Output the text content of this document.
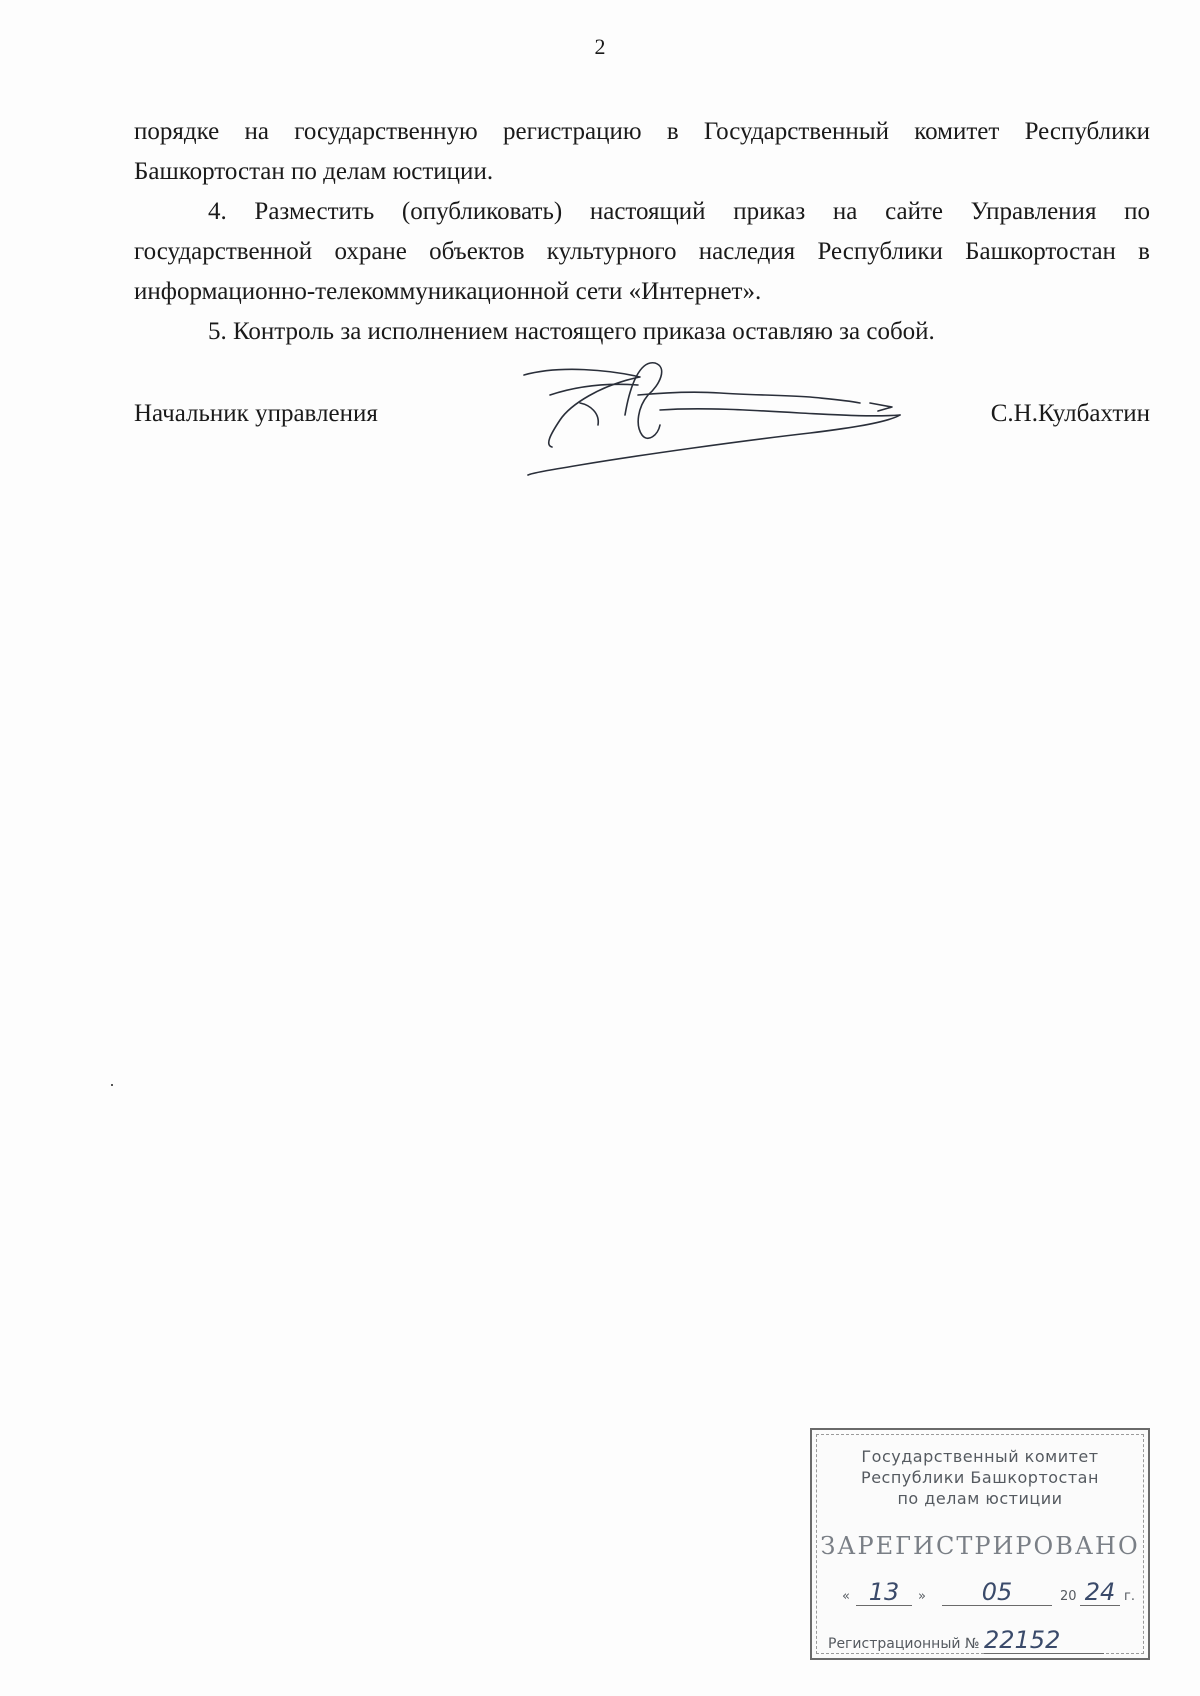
2

порядке на государственную регистрацию в Государственный комитет Республики Башкортостан по делам юстиции.

4. Разместить (опубликовать) настоящий приказ на сайте Управления по государственной охране объектов культурного наследия Республики Башкортостан в информационно-телекоммуникационной сети «Интернет».

5. Контроль за исполнением настоящего приказа оставляю за собой.

Начальник управления	С.Н.Кулбахтин
Государственный комитет
Республики Башкортостан
по делам юстиции
ЗАРЕГИСТРИРОВАНО
« 13	»	05	20 24 г.
Регистрационный № 22152
